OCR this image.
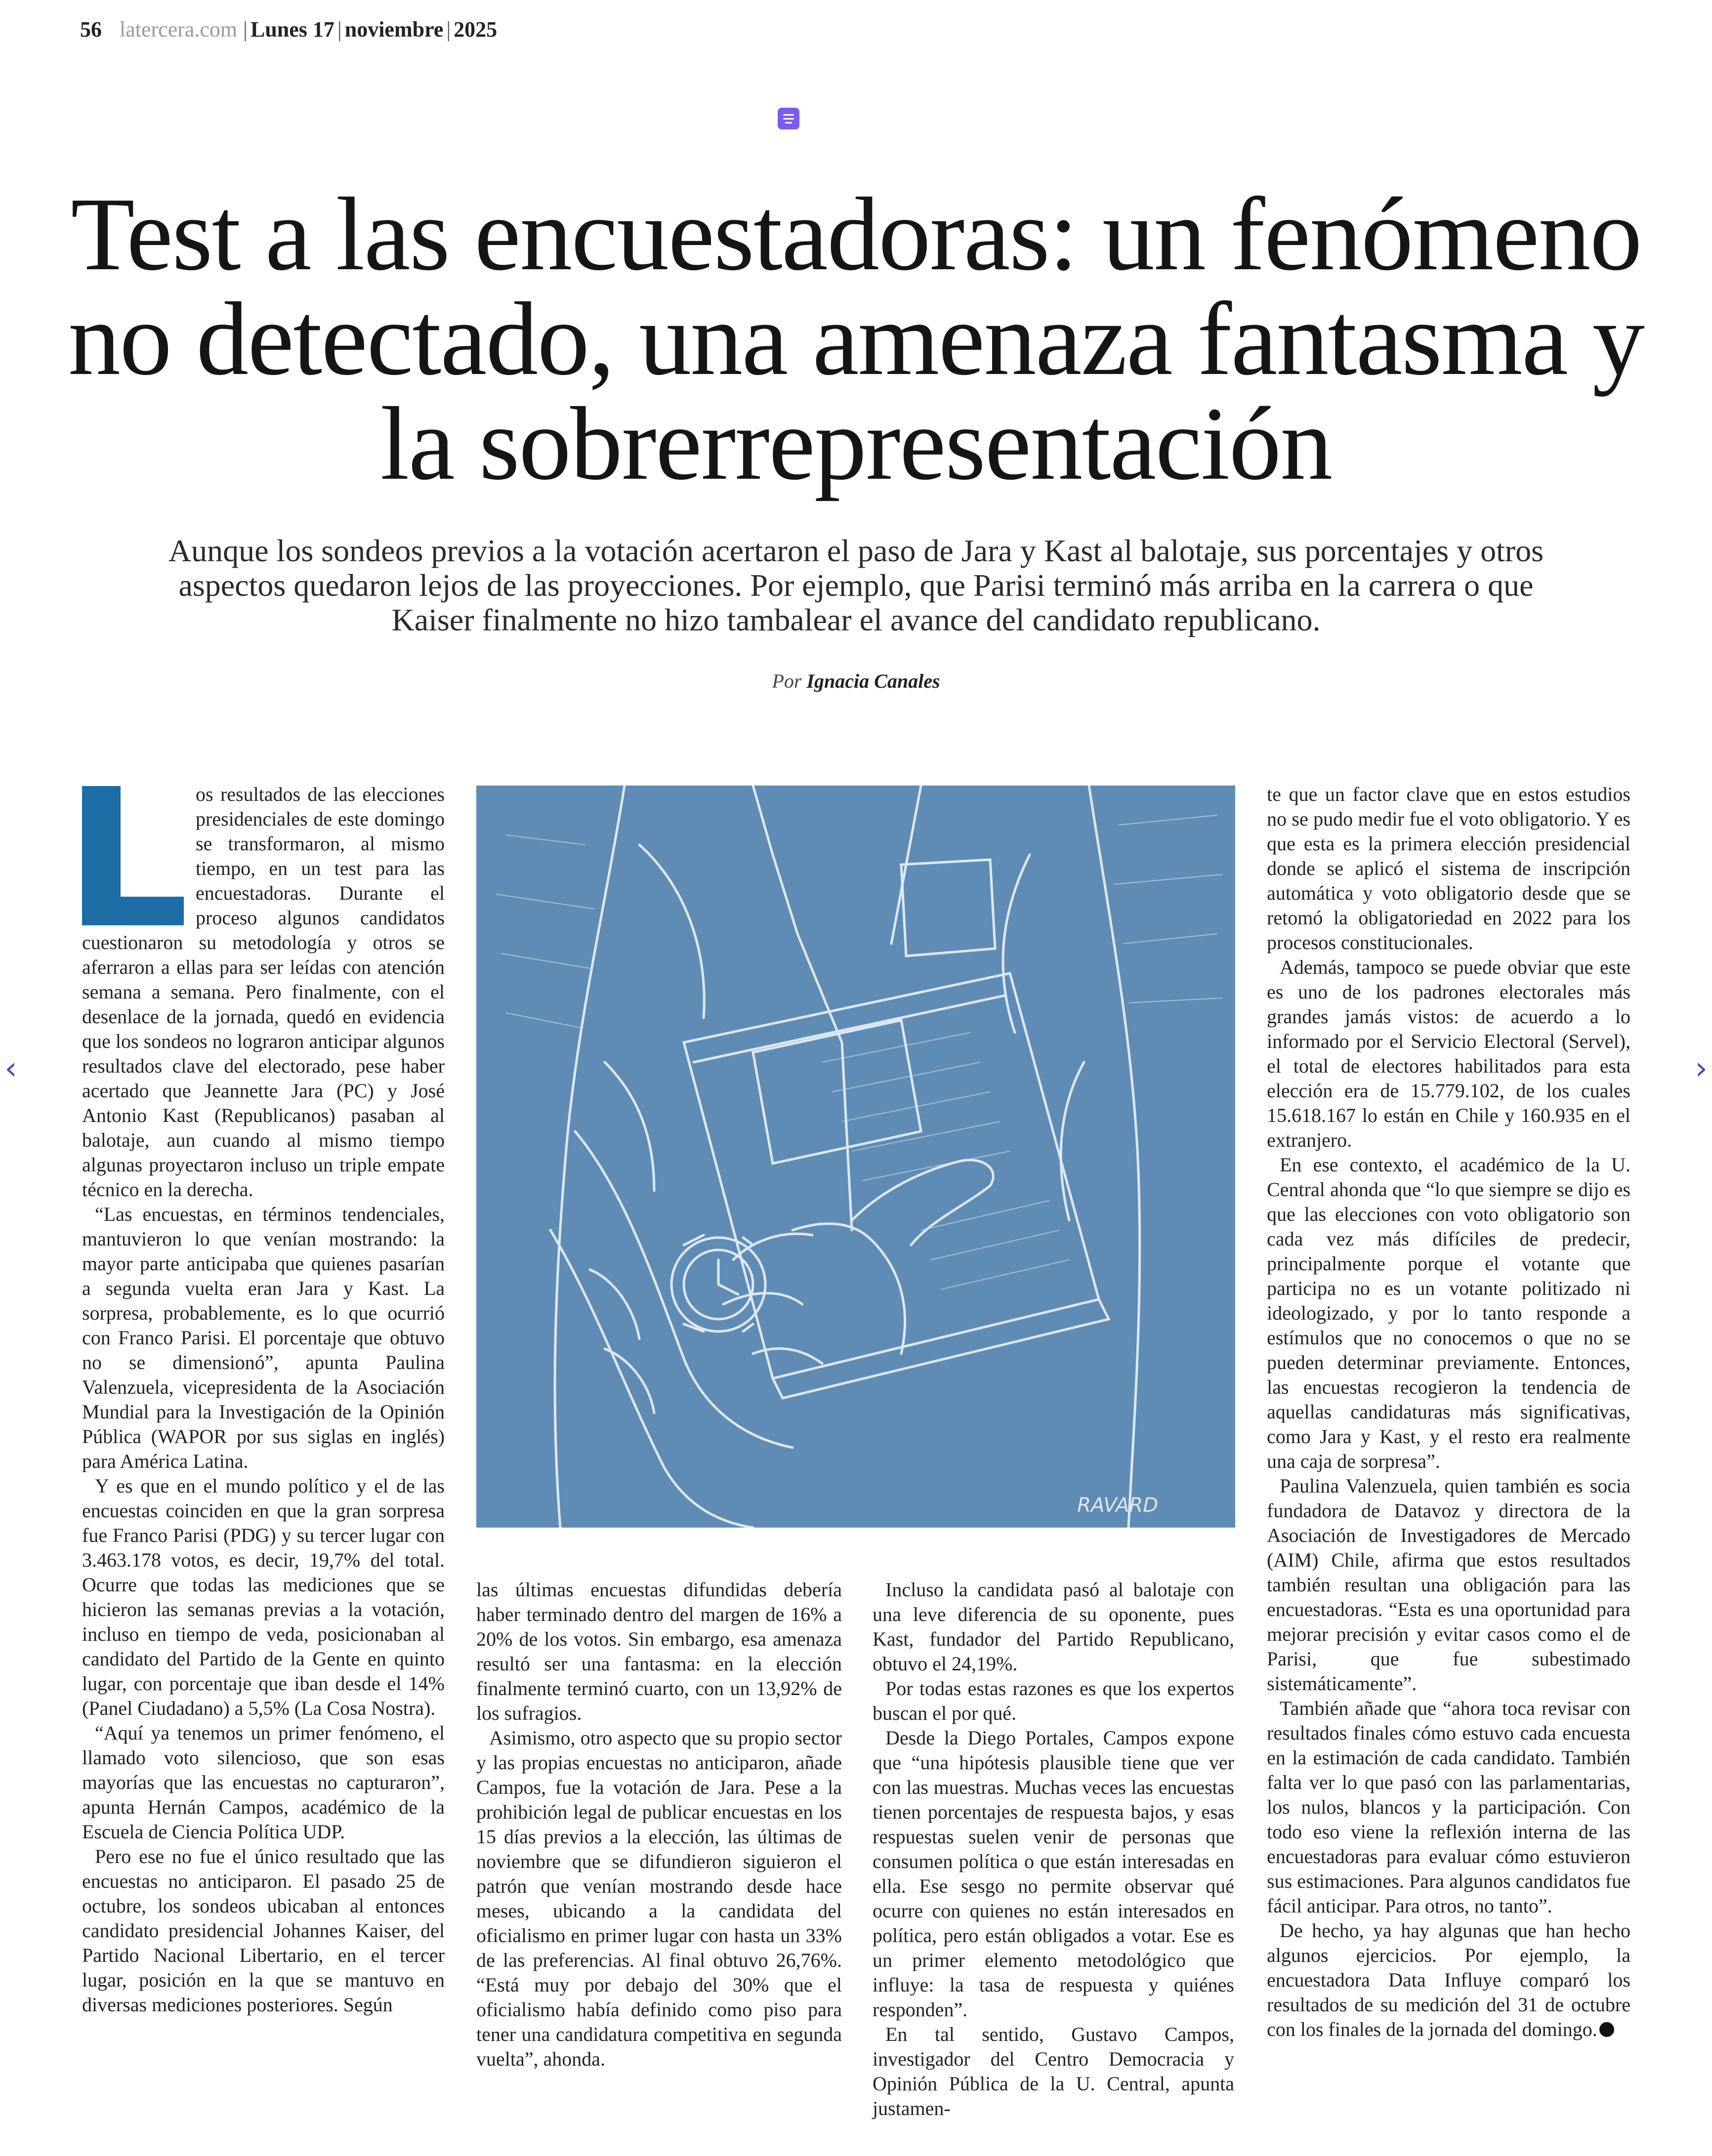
56 latercera.com | Lunes 17 | noviembre | 2025
‹	›
Test a las encuestadoras: un fenómeno no detectado, una amenaza fantasma y la sobrerrepresentación

Aunque los sondeos previos a la votación acertaron el paso de Jara y Kast al balotaje, sus porcentajes y otros aspectos quedaron lejos de las proyecciones. Por ejemplo, que Parisi terminó más arriba en la carrera o que Kaiser finalmente no hizo tambalear el avance del candidato republicano.

Por Ignacia Canales
RAVARD

os resultados de las elecciones presidenciales de este domingo se transformaron, al mismo tiempo, en un test para las encuestadoras. Durante el proceso algunos candidatos cuestionaron su metodología y otros se aferraron a ellas para ser leídas con atención semana a semana. Pero finalmente, con el desenlace de la jornada, quedó en evidencia que los sondeos no lograron anticipar algunos resultados clave del electorado, pese haber acertado que Jeannette Jara (PC) y José Antonio Kast (Republicanos) pasaban al balotaje, aun cuando al mismo tiempo algunas proyectaron incluso un triple empate técnico en la derecha.

“Las encuestas, en términos tendenciales, mantuvieron lo que venían mostrando: la mayor parte anticipaba que quienes pasarían a segunda vuelta eran Jara y Kast. La sorpresa, probablemente, es lo que ocurrió con Franco Parisi. El porcentaje que obtuvo no se dimensionó”, apunta Paulina Valenzuela, vicepresidenta de la Asociación Mundial para la Investigación de la Opinión Pública (WAPOR por sus siglas en inglés) para América Latina.

Y es que en el mundo político y el de las encuestas coinciden en que la gran sorpresa fue Franco Parisi (PDG) y su tercer lugar con 3.463.178 votos, es decir, 19,7% del total. Ocurre que todas las mediciones que se hicieron las semanas previas a la votación, incluso en tiempo de veda, posicionaban al candidato del Partido de la Gente en quinto lugar, con porcentaje que iban desde el 14% (Panel Ciudadano) a 5,5% (La Cosa Nostra).

“Aquí ya tenemos un primer fenómeno, el llamado voto silencioso, que son esas mayorías que las encuestas no capturaron”, apunta Hernán Campos, académico de la Escuela de Ciencia Política UDP.

Pero ese no fue el único resultado que las encuestas no anticiparon. El pasado 25 de octubre, los sondeos ubicaban al entonces candidato presidencial Johannes Kaiser, del Partido Nacional Libertario, en el tercer lugar, posición en la que se mantuvo en diversas mediciones posteriores. Según

las últimas encuestas difundidas debería haber terminado dentro del margen de 16% a 20% de los votos. Sin embargo, esa amenaza resultó ser una fantasma: en la elección finalmente terminó cuarto, con un 13,92% de los sufragios.

Asimismo, otro aspecto que su propio sector y las propias encuestas no anticiparon, añade Campos, fue la votación de Jara. Pese a la prohibición legal de publicar encuestas en los 15 días previos a la elección, las últimas de noviembre que se difundieron siguieron el patrón que venían mostrando desde hace meses, ubicando a la candidata del oficialismo en primer lugar con hasta un 33% de las preferencias. Al final obtuvo 26,76%. “Está muy por debajo del 30% que el oficialismo había definido como piso para tener una candidatura competitiva en segunda vuelta”, ahonda.

Incluso la candidata pasó al balotaje con una leve diferencia de su oponente, pues Kast, fundador del Partido Republicano, obtuvo el 24,19%.

Por todas estas razones es que los expertos buscan el por qué.

Desde la Diego Portales, Campos expone que “una hipótesis plausible tiene que ver con las muestras. Muchas veces las encuestas tienen porcentajes de respuesta bajos, y esas respuestas suelen venir de personas que consumen política o que están interesadas en ella. Ese sesgo no permite observar qué ocurre con quienes no están interesados en política, pero están obligados a votar. Ese es un primer elemento metodológico que influye: la tasa de respuesta y quiénes responden”.

En tal sentido, Gustavo Campos, investigador del Centro Democracia y Opinión Pública de la U. Central, apunta justamen-

te que un factor clave que en estos estudios no se pudo medir fue el voto obligatorio. Y es que esta es la primera elección presidencial donde se aplicó el sistema de inscripción automática y voto obligatorio desde que se retomó la obligatoriedad en 2022 para los procesos constitucionales.

Además, tampoco se puede obviar que este es uno de los padrones electorales más grandes jamás vistos: de acuerdo a lo informado por el Servicio Electoral (Servel), el total de electores habilitados para esta elección era de 15.779.102, de los cuales 15.618.167 lo están en Chile y 160.935 en el extranjero.

En ese contexto, el académico de la U. Central ahonda que “lo que siempre se dijo es que las elecciones con voto obligatorio son cada vez más difíciles de predecir, principalmente porque el votante que participa no es un votante politizado ni ideologizado, y por lo tanto responde a estímulos que no conocemos o que no se pueden determinar previamente. Entonces, las encuestas recogieron la tendencia de aquellas candidaturas más significativas, como Jara y Kast, y el resto era realmente una caja de sorpresa”.

Paulina Valenzuela, quien también es socia fundadora de Datavoz y directora de la Asociación de Investigadores de Mercado (AIM) Chile, afirma que estos resultados también resultan una obligación para las encuestadoras. “Esta es una oportunidad para mejorar precisión y evitar casos como el de Parisi, que fue subestimado sistemáticamente”.

También añade que “ahora toca revisar con resultados finales cómo estuvo cada encuesta en la estimación de cada candidato. También falta ver lo que pasó con las parlamentarias, los nulos, blancos y la participación. Con todo eso viene la reflexión interna de las encuestadoras para evaluar cómo estuvieron sus estimaciones. Para algunos candidatos fue fácil anticipar. Para otros, no tanto”.

De hecho, ya hay algunas que han hecho algunos ejercicios. Por ejemplo, la encuestadora Data Influye comparó los resultados de su medición del 31 de octubre con los finales de la jornada del domingo.
